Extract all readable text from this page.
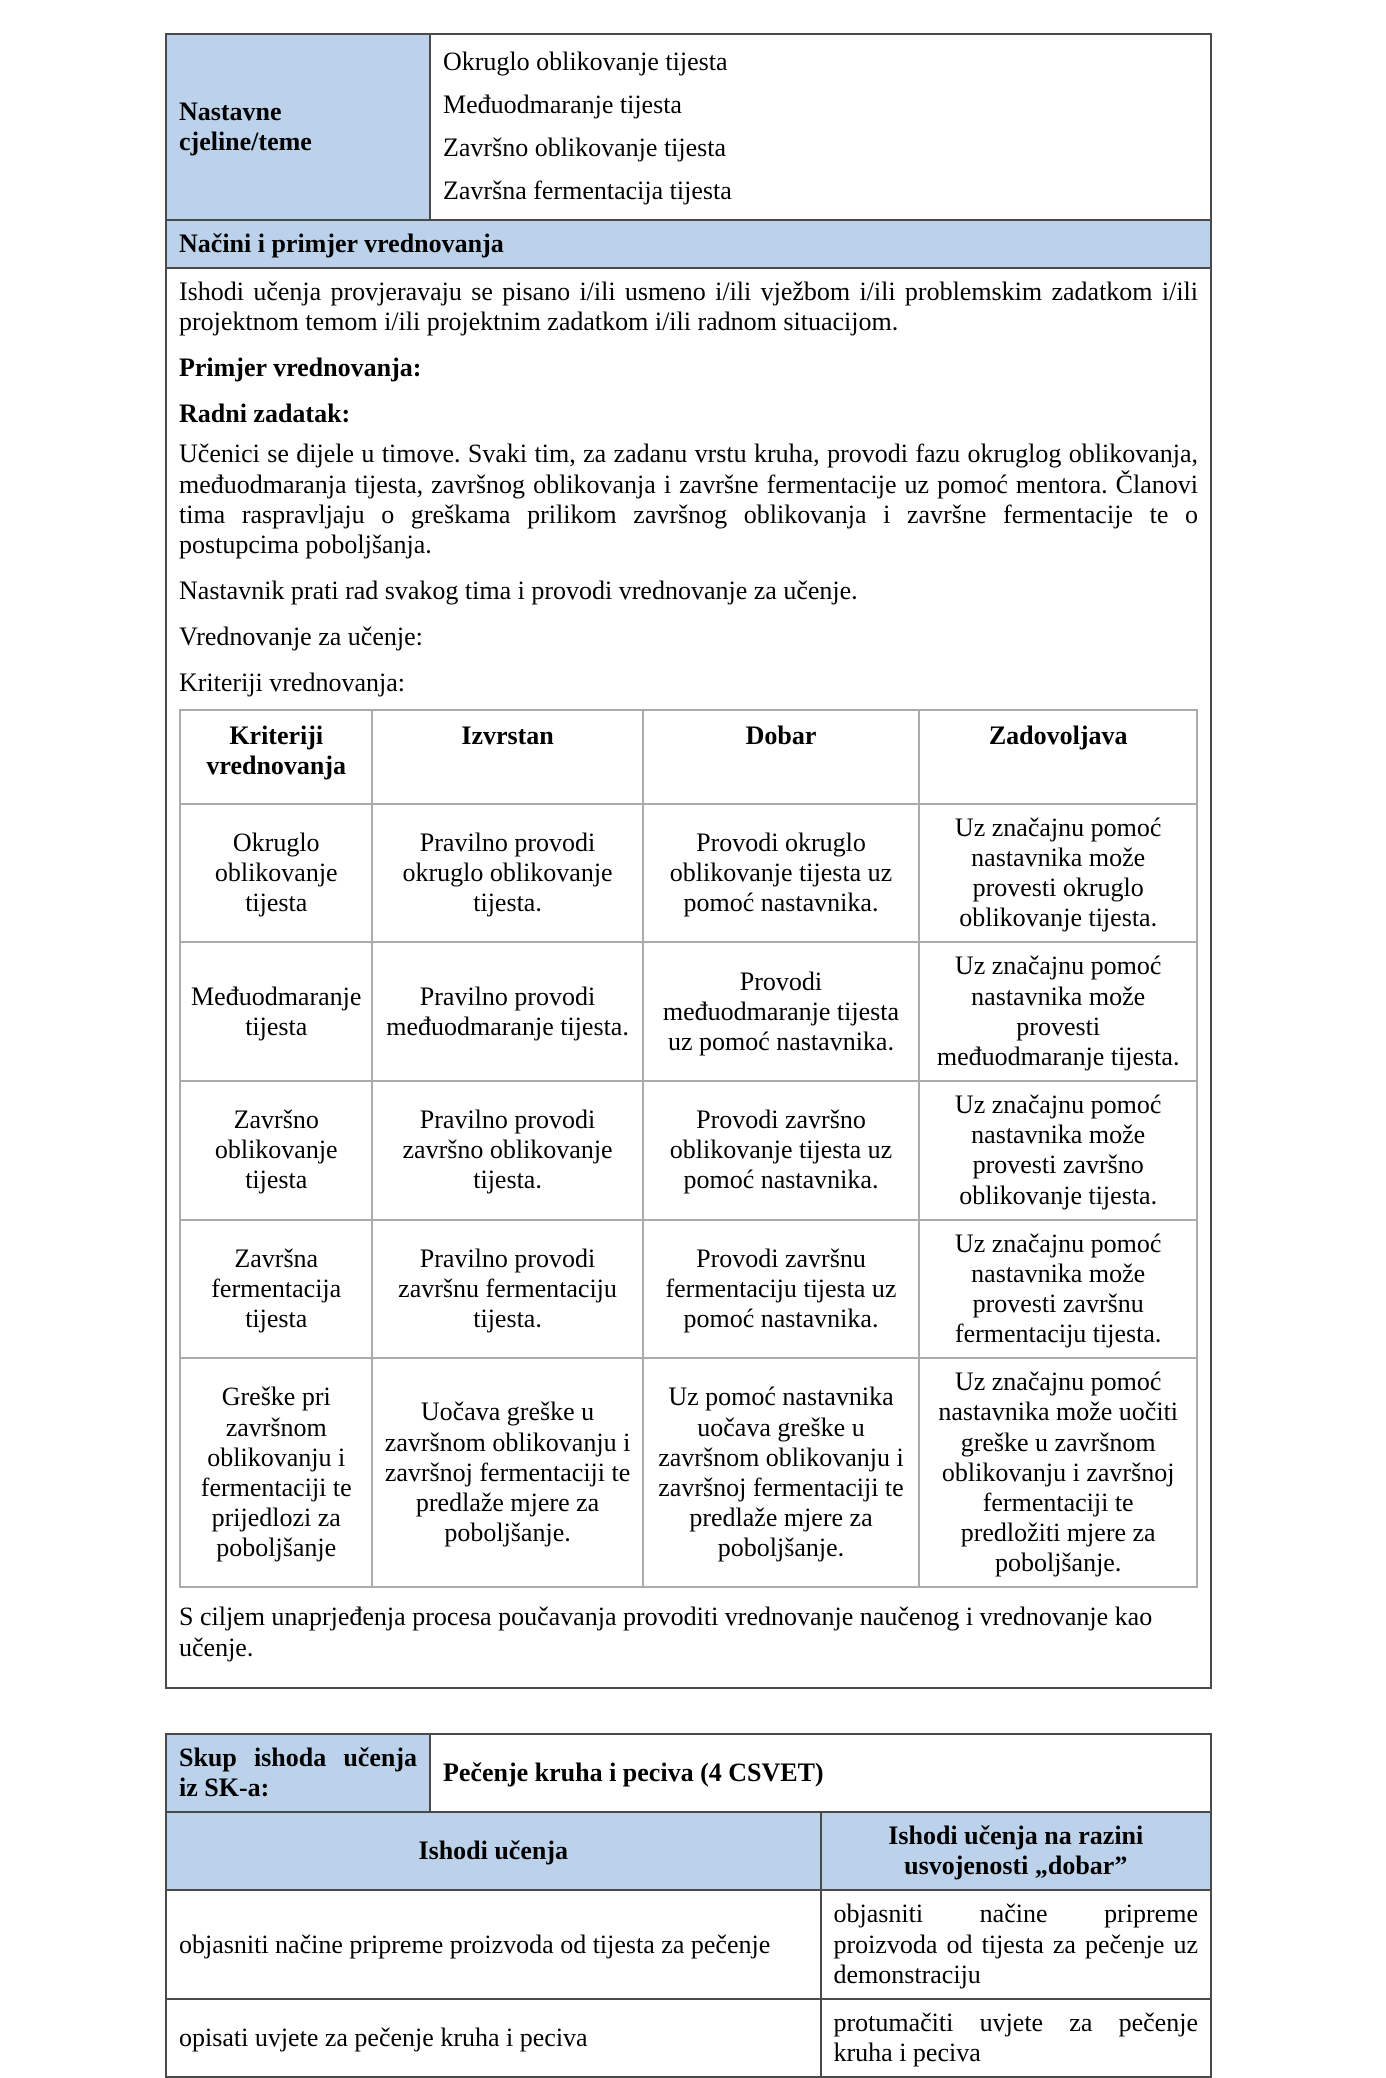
Nastavne cjeline/teme	

Okruglo oblikovanje tijesta

Međuodmaranje tijesta

Završno oblikovanje tijesta

Završna fermentacija tijesta

Načini i primjer vrednovanja

Ishodi učenja provjeravaju se pisano i/ili usmeno i/ili vježbom i/ili problemskim zadatkom i/ili projektnom temom i/ili projektnim zadatkom i/ili radnom situacijom.

Primjer vrednovanja:

Radni zadatak:

Učenici se dijele u timove. Svaki tim, za zadanu vrstu kruha, provodi fazu okruglog oblikovanja, međuodmaranja tijesta, završnog oblikovanja i završne fermentacije uz pomoć mentora. Članovi tima raspravljaju o greškama prilikom završnog oblikovanja i završne fermentacije te o postupcima poboljšanja.

Nastavnik prati rad svakog tima i provodi vrednovanje za učenje.

Vrednovanje za učenje:

Kriteriji vrednovanja:

Kriteriji vrednovanja	Izvrstan	Dobar	Zadovoljava
Okruglo oblikovanje tijesta	Pravilno provodi okruglo oblikovanje tijesta.	Provodi okruglo oblikovanje tijesta uz pomoć nastavnika.	Uz značajnu pomoć nastavnika može provesti okruglo oblikovanje tijesta.
Međuodmaranje tijesta	Pravilno provodi međuodmaranje tijesta.	Provodi međuodmaranje tijesta uz pomoć nastavnika.	Uz značajnu pomoć nastavnika može provesti međuodmaranje tijesta.
Završno oblikovanje tijesta	Pravilno provodi završno oblikovanje tijesta.	Provodi završno oblikovanje tijesta uz pomoć nastavnika.	Uz značajnu pomoć nastavnika može provesti završno oblikovanje tijesta.
Završna fermentacija tijesta	Pravilno provodi završnu fermentaciju tijesta.	Provodi završnu fermentaciju tijesta uz pomoć nastavnika.	Uz značajnu pomoć nastavnika može provesti završnu fermentaciju tijesta.
Greške pri završnom oblikovanju i fermentaciji te prijedlozi za poboljšanje	Uočava greške u završnom oblikovanju i završnoj fermentaciji te predlaže mjere za poboljšanje.	Uz pomoć nastavnika uočava greške u završnom oblikovanju i završnoj fermentaciji te predlaže mjere za poboljšanje.	Uz značajnu pomoć nastavnika može uočiti greške u završnom oblikovanju i završnoj fermentaciji te predložiti mjere za poboljšanje.

S ciljem unaprjeđenja procesa poučavanja provoditi vrednovanje naučenog i vrednovanje kao učenje.

Skup ishoda učenja iz SK-a:	Pečenje kruha i peciva (4 CSVET)	
Ishodi učenja		Ishodi učenja na razini usvojenosti „dobar”
objasniti načine pripreme proizvoda od tijesta za pečenje		objasniti načine pripreme proizvoda od tijesta za pečenje uz demonstraciju
opisati uvjete za pečenje kruha i peciva		protumačiti uvjete za pečenje kruha i peciva
